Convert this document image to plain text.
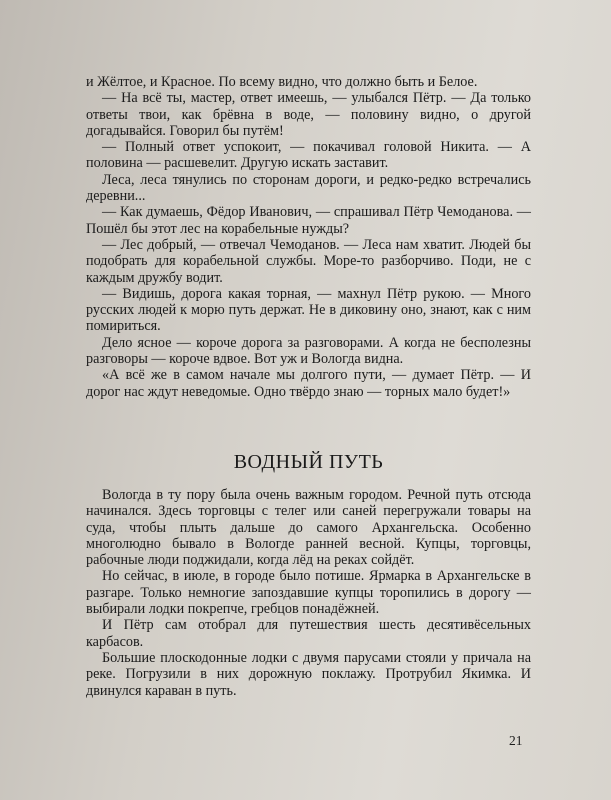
и Жёлтое, и Красное. По всему видно, что должно быть и Белое.

— На всё ты, мастер, ответ имеешь, — улыбался Пётр. — Да только ответы твои, как брёвна в воде, — половину видно, о другой догадывайся. Говорил бы путём!

— Полный ответ успокоит, — покачивал головой Никита. — А половина — расшевелит. Другую искать заставит.

Леса, леса тянулись по сторонам дороги, и редко-редко встречались деревни...

— Как думаешь, Фёдор Иванович, — спрашивал Пётр Чемоданова. — Пошёл бы этот лес на корабельные нужды?

— Лес добрый, — отвечал Чемоданов. — Леса нам хватит. Людей бы подобрать для корабельной службы. Море-то разборчиво. Поди, не с каждым дружбу водит.

— Видишь, дорога какая торная, — махнул Пётр рукою. — Много русских людей к морю путь держат. Не в диковину оно, знают, как с ним помириться.

Дело ясное — короче дорога за разговорами. А когда не бесполезны разговоры — короче вдвое. Вот уж и Вологда видна.

«А всё же в самом начале мы долгого пути, — думает Пётр. — И дорог нас ждут неведомые. Одно твёрдо знаю — торных мало будет!»

ВОДНЫЙ ПУТЬ

Вологда в ту пору была очень важным городом. Речной путь отсюда начинался. Здесь торговцы с телег или саней перегружали товары на суда, чтобы плыть дальше до самого Архангельска. Особенно многолюдно бывало в Вологде ранней весной. Купцы, торговцы, рабочные люди поджидали, когда лёд на реках сойдёт.

Но сейчас, в июле, в городе было потише. Ярмарка в Архангельске в разгаре. Только немногие запоздавшие купцы торопились в дорогу — выбирали лодки покрепче, гребцов понадёжней.

И Пётр сам отобрал для путешествия шесть десятивёсельных карбасов.

Большие плоскодонные лодки с двумя парусами стояли у причала на реке. Погрузили в них дорожную поклажу. Протрубил Якимка. И двинулся караван в путь.

21
